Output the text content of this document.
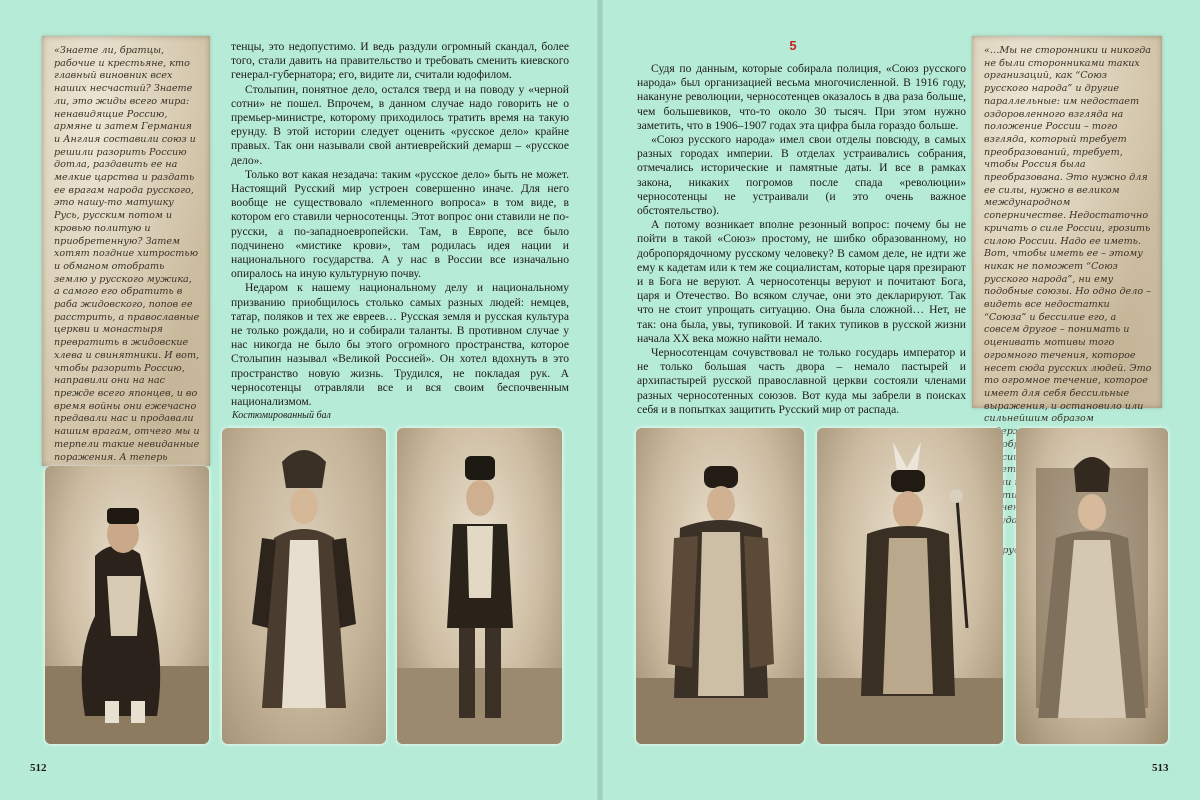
«Знаете ли, братцы, рабочие и крестьяне, кто главный виновник всех наших несчастий? Знаете ли, это жиды всего мира: ненавидящие Россию, армяне и затем Германия и Англия составили союз и решили разорить Россию дотла, раздавить ее на мелкие царства и раздать ее врагам народа русского, это нашу-то матушку Русь, русским потом и кровью политую и приобретенную? Затем хотят поздние хитростью и обманом отобрать землю у русского мужика, а самого его обратить в раба жидовского, попов ее расстрить, а православные церкви и монастыря превратить в жидовские хлева и свинятники. И вот, чтобы разорить Россию, направили они на нас прежде всего японцев, и во время войны они ежечасно предавали нас и продавали нашим врагам, отчего мы и терпели такие невиданные поражения. А теперь

тенцы, это недопустимо. И ведь раздули огромный скандал, более того, стали давить на правительство и требовать сменить киевского генерал-губернатора; его, видите ли, считали юдофилом.

Столыпин, понятное дело, остался тверд и на поводу у «черной сотни» не пошел. Впрочем, в данном случае надо говорить не о премьер-министре, которому приходилось тратить время на такую ерунду. В этой истории следует оценить «русское дело» крайне правых. Так они называли свой антиеврейский демарш – «русское дело».

Только вот какая незадача: таким «русское дело» быть не может. Настоящий Русский мир устроен совершенно иначе. Для него вообще не существовало «племенного вопроса» в том виде, в котором его ставили черносотенцы. Этот вопрос они ставили не по-русски, а по-западноевропейски. Там, в Европе, все было подчинено «мистике крови», там родилась идея нации и национального государства. А у нас в России все изначально опиралось на иную культурную почву.

Недаром к нашему национальному делу и национальному призванию приобщилось столько самых разных людей: немцев, татар, поляков и тех же евреев… Русская земля и русская культура не только рождали, но и собирали таланты. В противном случае у нас никогда не было бы этого огромного пространства, которое Столыпин называл «Великой Россией». Он хотел вдохнуть в это пространство новую жизнь. Трудился, не покладая рук. А черносотенцы отравляли все и вся своим беспочвенным национализмом.

Костюмированный бал
5

Судя по данным, которые собирала полиция, «Союз русского народа» был организацией весьма многочисленной. В 1916 году, накануне революции, черносотенцев оказалось в два раза больше, чем большевиков, что-то около 30 тысяч. При этом нужно заметить, что в 1906–1907 годах эта цифра была гораздо больше.

«Союз русского народа» имел свои отделы повсюду, в самых разных городах империи. В отделах устраивались собрания, отмечались исторические и памятные даты. И все в рамках закона, никаких погромов после спада «революции» черносотенцы не устраивали (и это очень важное обстоятельство).

А потому возникает вполне резонный вопрос: почему бы не пойти в такой «Союз» простому, не шибко образованному, но добропорядочному русскому человеку? В самом деле, не идти же ему к кадетам или к тем же социалистам, которые царя презирают и в Бога не веруют. А черносотенцы веруют и почитают Бога, царя и Отечество. Во всяком случае, они это декларируют. Так что не стоит упрощать ситуацию. Она была сложной… Нет, не так: она была, увы, тупиковой. И таких тупиков в русской жизни начала XX века можно найти немало.

Черносотенцам сочувствовал не только государь император и не только большая часть двора – немало пастырей и архипастырей русской православной церкви состояли членами разных черносотенных союзов. Вот куда мы забрели в поисках себя и в попытках защитить Русский мир от распада.

«…Мы не сторонники и никогда не были сторонниками таких организаций, как “Союз русского народа” и другие параллельные: им недостает оздоровленного взгляда на положение России – того взгляда, который требует преобразований, требует, чтобы Россия была преобразована. Это нужно для ее силы, нужно в великом международном соперничестве. Недостаточно кричать о силе России, грозить силою России. Надо ее иметь. Вот, чтобы иметь ее – этому никак не поможет “Союз русского народа”, ни ему подобные союзы. Но одно дело – видеть все недостатки “Союза” и бессилие его, а совсем другое – понимать и оценивать мотивы того огромного течения, которое несет сюда русских людей. Это то огромное течение, которое имеет для себя бессильные выражения, и остановило или сильнейшим образом России, партии, значение
«Трудные
512	513
